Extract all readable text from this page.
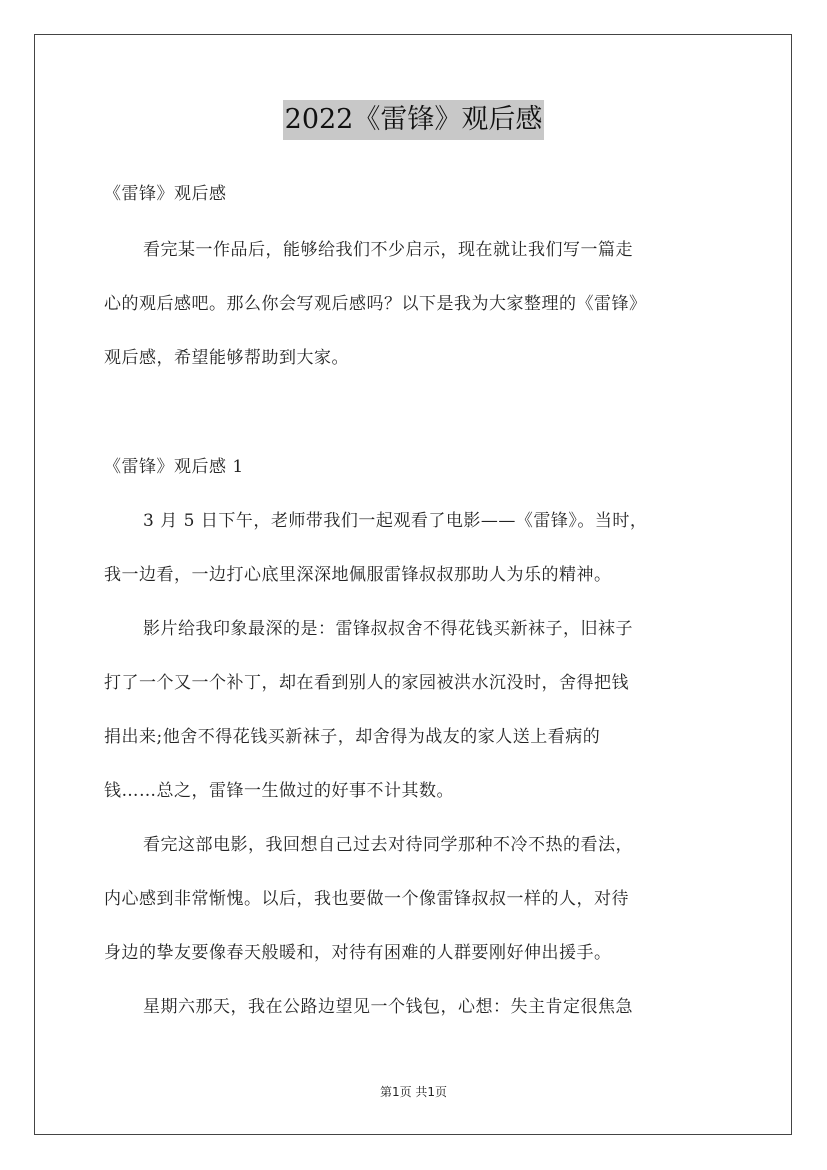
2022《雷锋》观后感
《雷锋》观后感
看完某一作品后，能够给我们不少启示，现在就让我们写一篇走
心的观后感吧。那么你会写观后感吗？以下是我为大家整理的《雷锋》
观后感，希望能够帮助到大家。
《雷锋》观后感 1
3 月 5 日下午，老师带我们一起观看了电影——《雷锋》。当时，
我一边看，一边打心底里深深地佩服雷锋叔叔那助人为乐的精神。
影片给我印象最深的是：雷锋叔叔舍不得花钱买新袜子，旧袜子
打了一个又一个补丁，却在看到别人的家园被洪水沉没时，舍得把钱
捐出来;他舍不得花钱买新袜子，却舍得为战友的家人送上看病的
钱……总之，雷锋一生做过的好事不计其数。
看完这部电影，我回想自己过去对待同学那种不冷不热的看法，
内心感到非常惭愧。以后，我也要做一个像雷锋叔叔一样的人，对待
身边的挚友要像春天般暖和，对待有困难的人群要刚好伸出援手。
星期六那天，我在公路边望见一个钱包，心想：失主肯定很焦急
第1页 共1页
